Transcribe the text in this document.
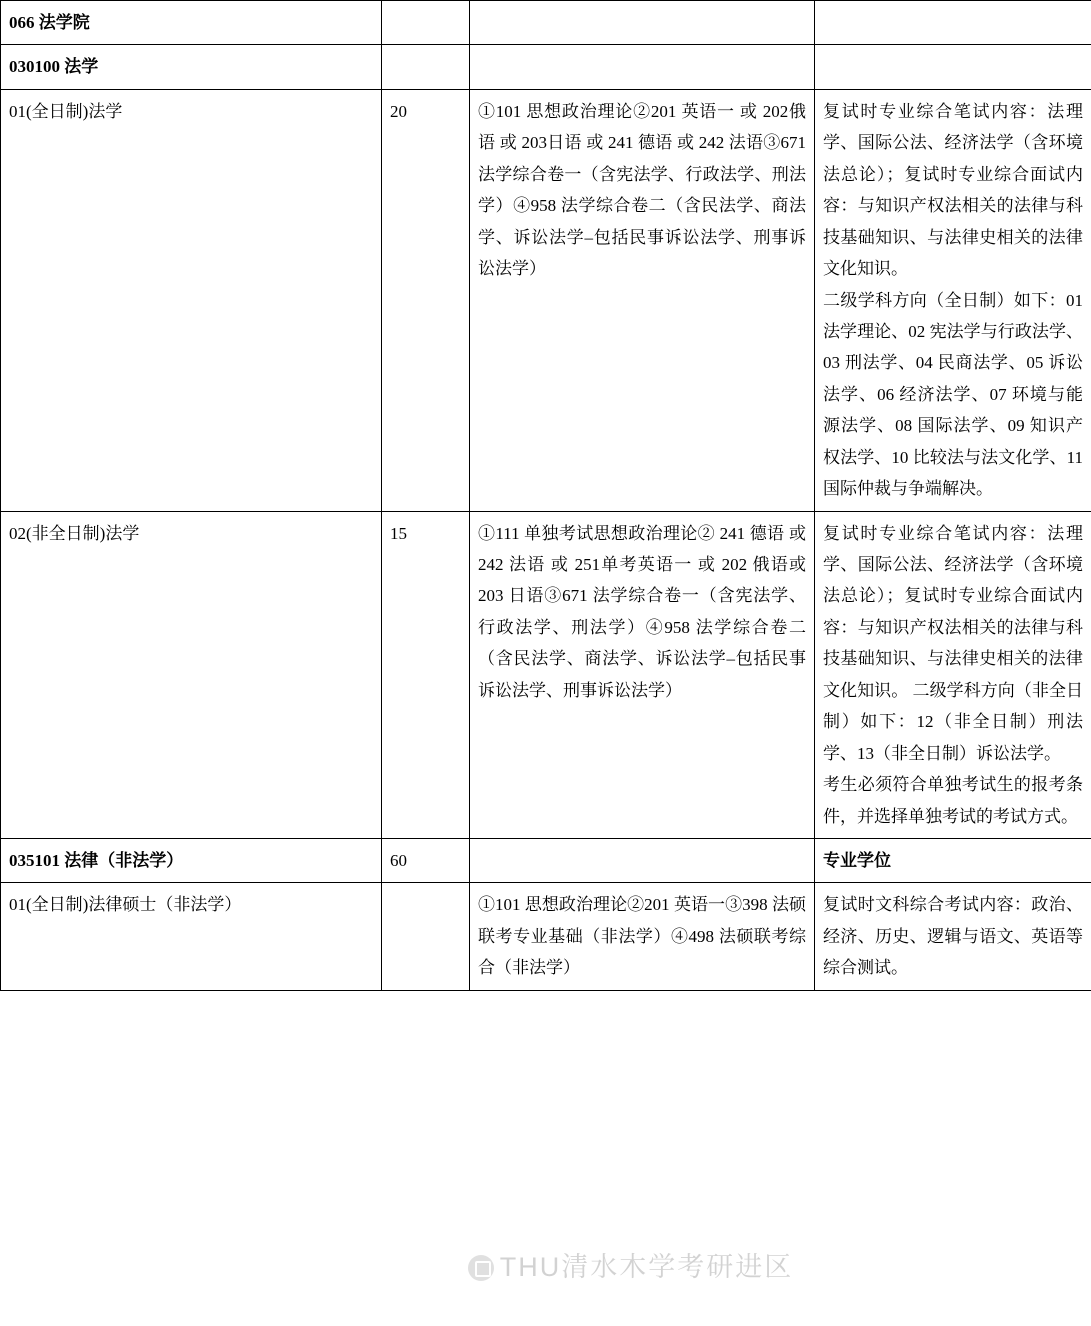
066 法学院			
030100 法学			
01(全日制)法学	20	①101 思想政治理论②201 英语一 或 202俄语 或 203日语 或 241 德语 或 242 法语③671 法学综合卷一（含宪法学、行政法学、刑法学）④958 法学综合卷二（含民法学、商法学、诉讼法学–包括民事诉讼法学、刑事诉讼法学）	复试时专业综合笔试内容：法理学、国际公法、经济法学（含环境法总论）；复试时专业综合面试内容：与知识产权法相关的法律与科技基础知识、与法律史相关的法律文化知识。
二级学科方向（全日制）如下：01 法学理论、02 宪法学与行政法学、03 刑法学、04 民商法学、05 诉讼法学、06 经济法学、07 环境与能源法学、08 国际法学、09 知识产权法学、10 比较法与法文化学、11 国际仲裁与争端解决。
02(非全日制)法学	15	①111 单独考试思想政治理论② 241 德语 或 242 法语 或 251单考英语一 或 202 俄语或 203 日语③671 法学综合卷一（含宪法学、行政法学、刑法学）④958 法学综合卷二（含民法学、商法学、诉讼法学–包括民事诉讼法学、刑事诉讼法学）	复试时专业综合笔试内容：法理学、国际公法、经济法学（含环境法总论）；复试时专业综合面试内容：与知识产权法相关的法律与科技基础知识、与法律史相关的法律文化知识。 二级学科方向（非全日制）如下：12（非全日制）刑法学、13（非全日制）诉讼法学。
考生必须符合单独考试生的报考条件，并选择单独考试的考试方式。
035101 法律（非法学）	60		专业学位
01(全日制)法律硕士（非法学）		①101 思想政治理论②201 英语一③398 法硕联考专业基础（非法学）④498 法硕联考综合（非法学）	复试时文科综合考试内容：政治、经济、历史、逻辑与语文、英语等综合测试。
THU清水木学考研进区
